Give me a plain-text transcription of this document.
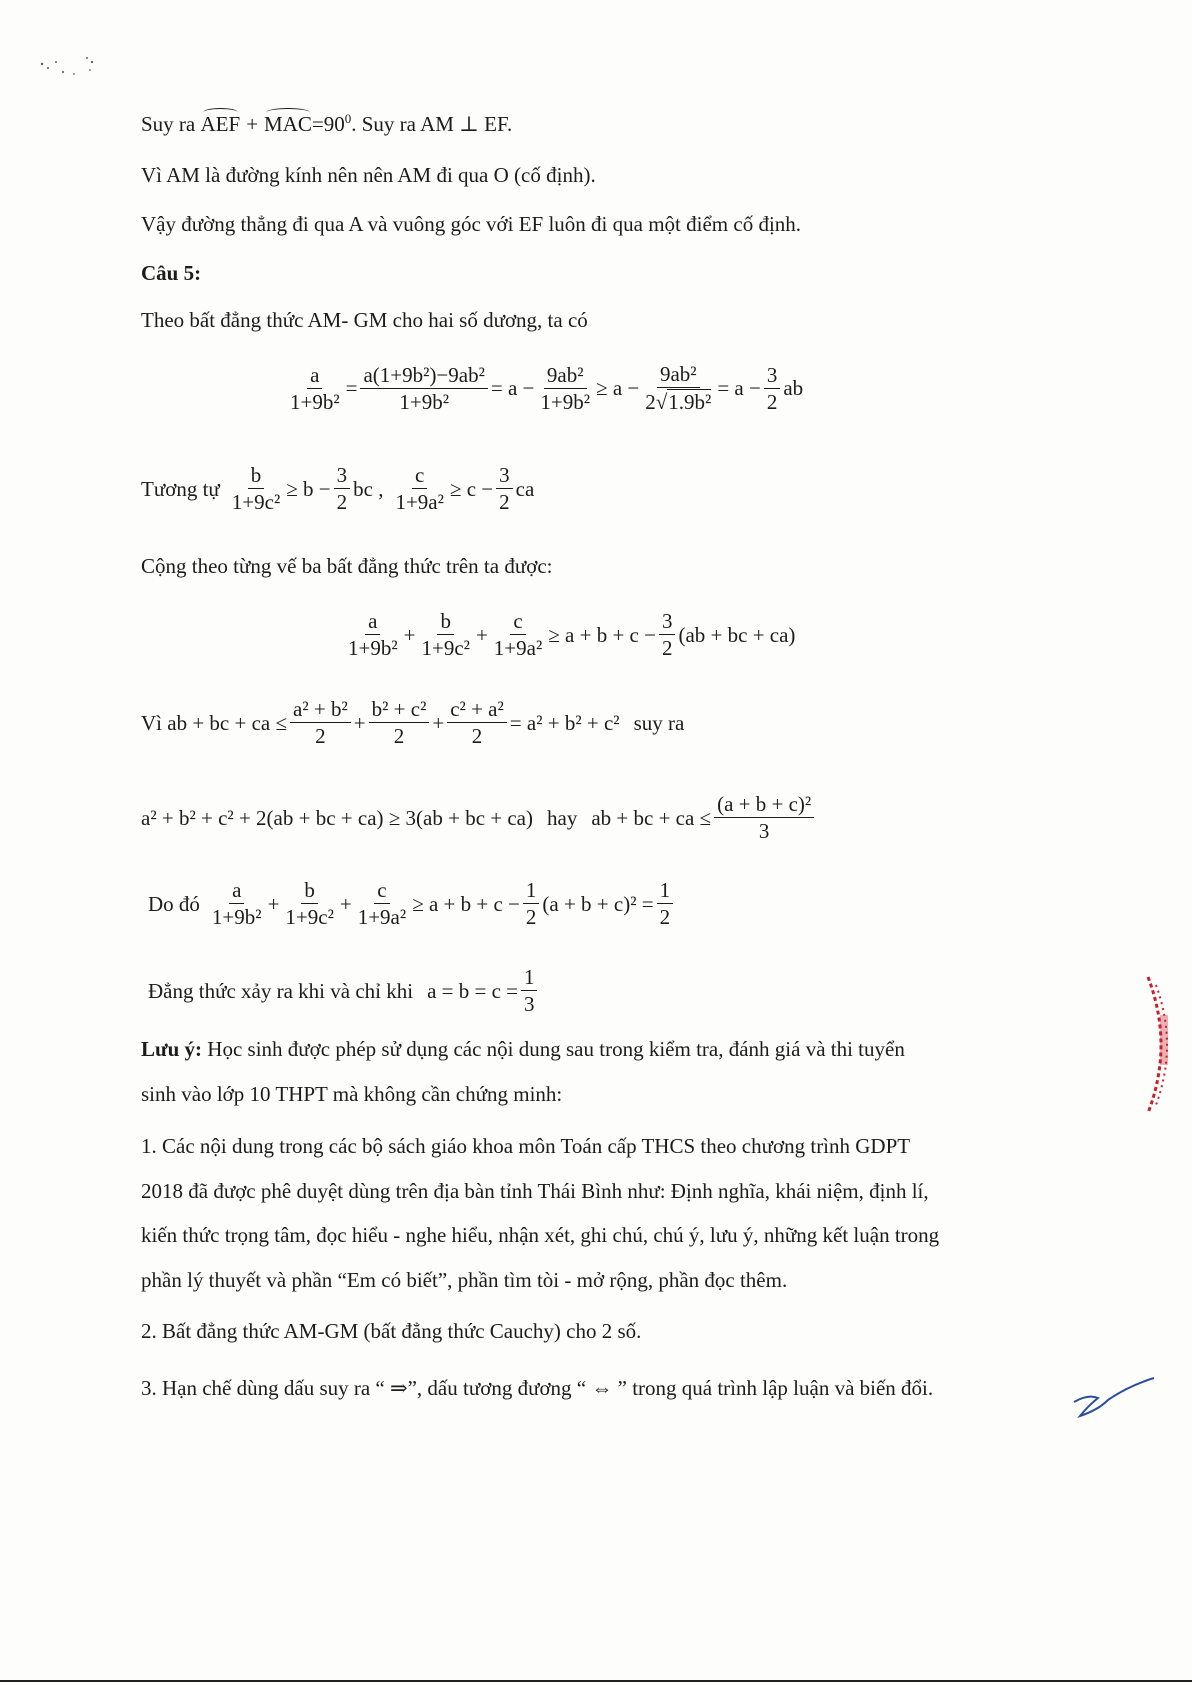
Suy ra AEF + $MAC=90^0$. Suy ra AM ⊥ EF.
Vì AM là đường kính nên nên AM đi qua O (cố định).
Vậy đường thẳng đi qua A và vuông góc với EF luôn đi qua một điểm cố định.
Câu 5:
Theo bất đẳng thức AM- GM cho hai số dương, ta có
$\frac{a}{\text{1+9b²}} = \frac{\text{a(1+9b²)−9ab²}}{\text{1+9b²}} = a - \frac{\text{9ab²}}{\text{1+9b²}} \ge a - \frac{\text{9ab²}}{\text{2√1.9b²}} = a - \frac{3}{2}$ ab
Tương tự $\frac{b}{\text{1+9c²}} \ge b - \frac{3}{2}$ bc , $\frac{c}{\text{1+9a²}} \ge c - \frac{3}{2}$ ca
Cộng theo từng vế ba bất đẳng thức trên ta được:
$\frac{a}{\text{1+9b²}} + \frac{b}{\text{1+9c²}} + \frac{c}{\text{1+9a²}} \ge a + b + c - \frac{3}{2} (ab$ + bc + ca)
Vì ab + bc + ca ≤ $\frac{\text{a² + b²}}{2} + \frac{\text{b² + c²}}{2} + \frac{\text{c² + a²}}{2} = a^2 + b^2 + c^2$ suy ra
a² + b² + c² + 2(ab + bc + ca) ≥ 3(ab + bc + ca) hay ab + bc + ca ≤ $\frac{\text{(a + b + c)²}}{3}$
Do đó $\frac{a}{\text{1+9b²}} + \frac{b}{\text{1+9c²}} + \frac{c}{\text{1+9a²}} \ge a + b + c - \frac{1}{2} (a + b + c)^2 = \frac{1}{2}$
Đẳng thức xảy ra khi và chỉ khi $a = b = c = \frac{1}{3}$
Lưu ý: Học sinh được phép sử dụng các nội dung sau trong kiểm tra, đánh giá và thi tuyển
sinh vào lớp 10 THPT mà không cần chứng minh:
1. Các nội dung trong các bộ sách giáo khoa môn Toán cấp THCS theo chương trình GDPT
2018 đã được phê duyệt dùng trên địa bàn tỉnh Thái Bình như: Định nghĩa, khái niệm, định lí,
kiến thức trọng tâm, đọc hiểu - nghe hiểu, nhận xét, ghi chú, chú ý, lưu ý, những kết luận trong
phần lý thuyết và phần “Em có biết”, phần tìm tòi - mở rộng, phần đọc thêm.
2. Bất đẳng thức AM-GM (bất đẳng thức Cauchy) cho 2 số.
3. Hạn chế dùng dấu suy ra “ ⇒”, dấu tương đương “ ⇔ ” trong quá trình lập luận và biến đổi.
